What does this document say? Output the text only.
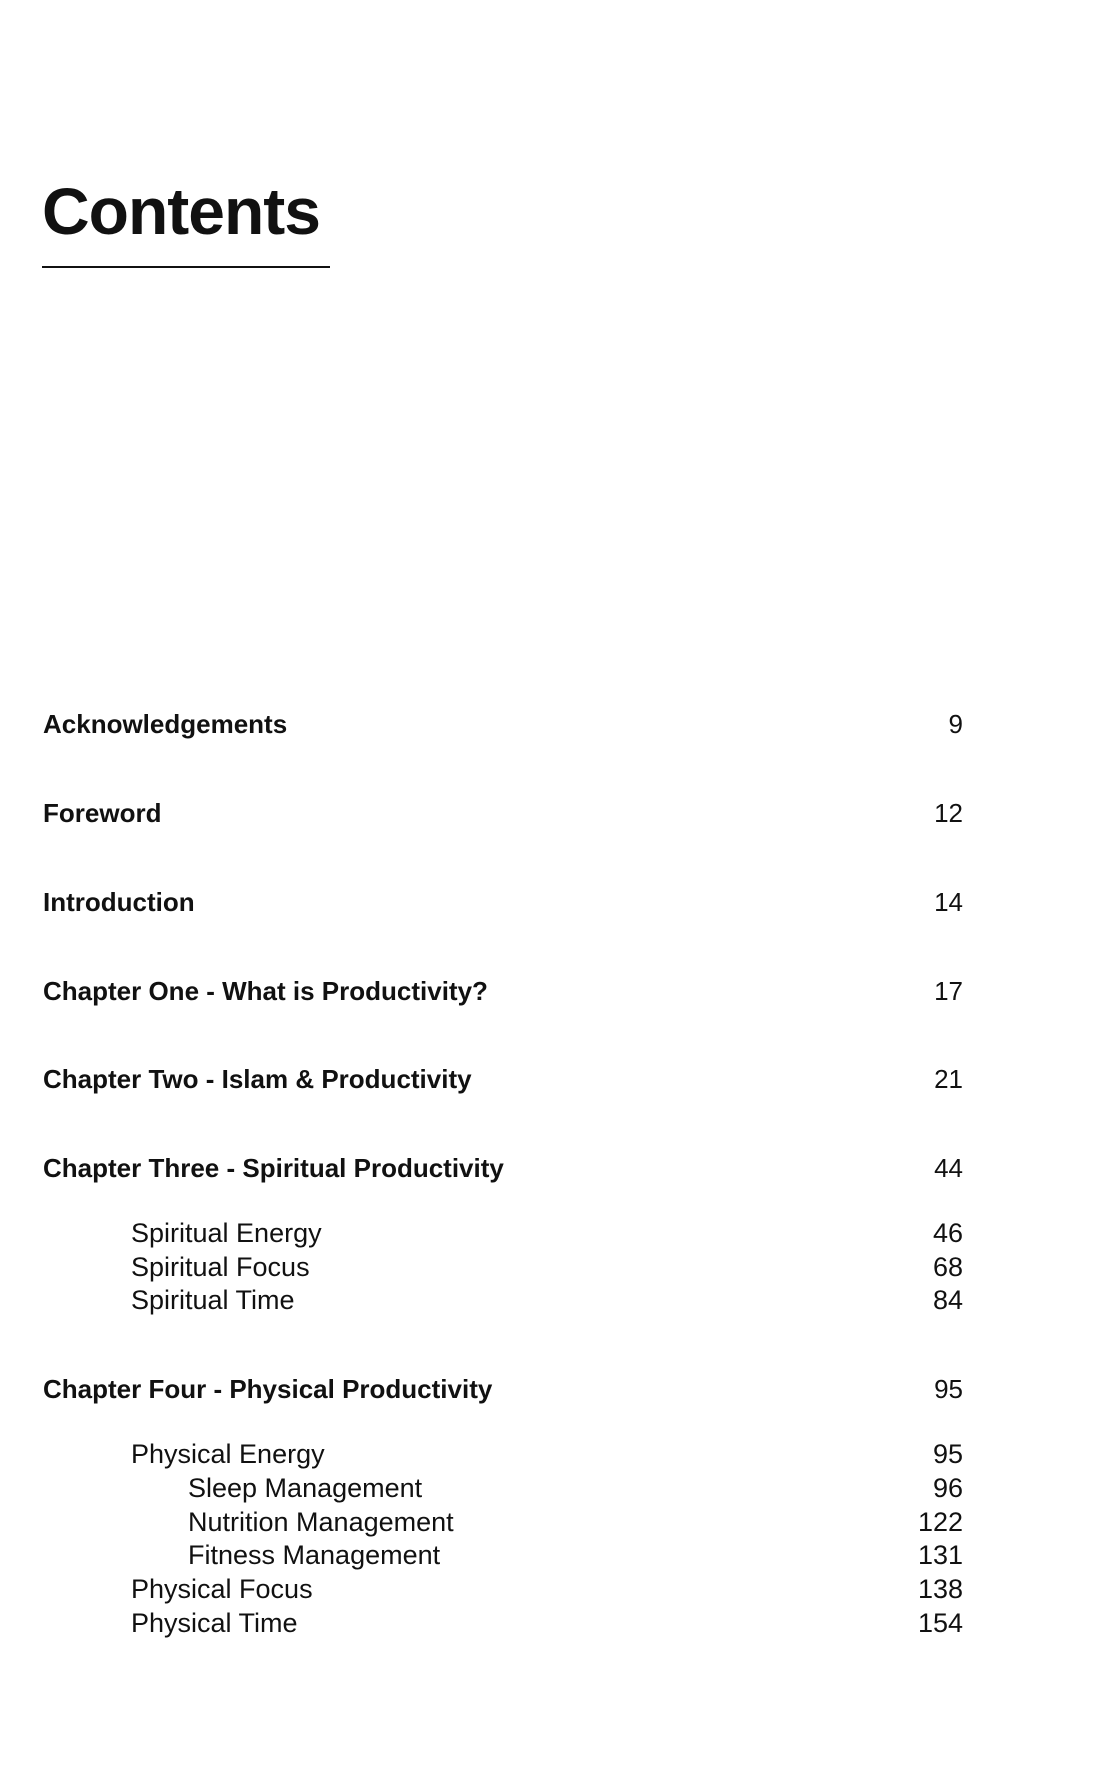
Contents
Acknowledgements	9
Foreword	12
Introduction	14
Chapter One - What is Productivity?	17
Chapter Two - Islam & Productivity	21
Chapter Three - Spiritual Productivity	44
Spiritual Energy	46
Spiritual Focus	68
Spiritual Time	84
Chapter Four - Physical Productivity	95
Physical Energy	95
Sleep Management	96
Nutrition Management	122
Fitness Management	131
Physical Focus	138
Physical Time	154
